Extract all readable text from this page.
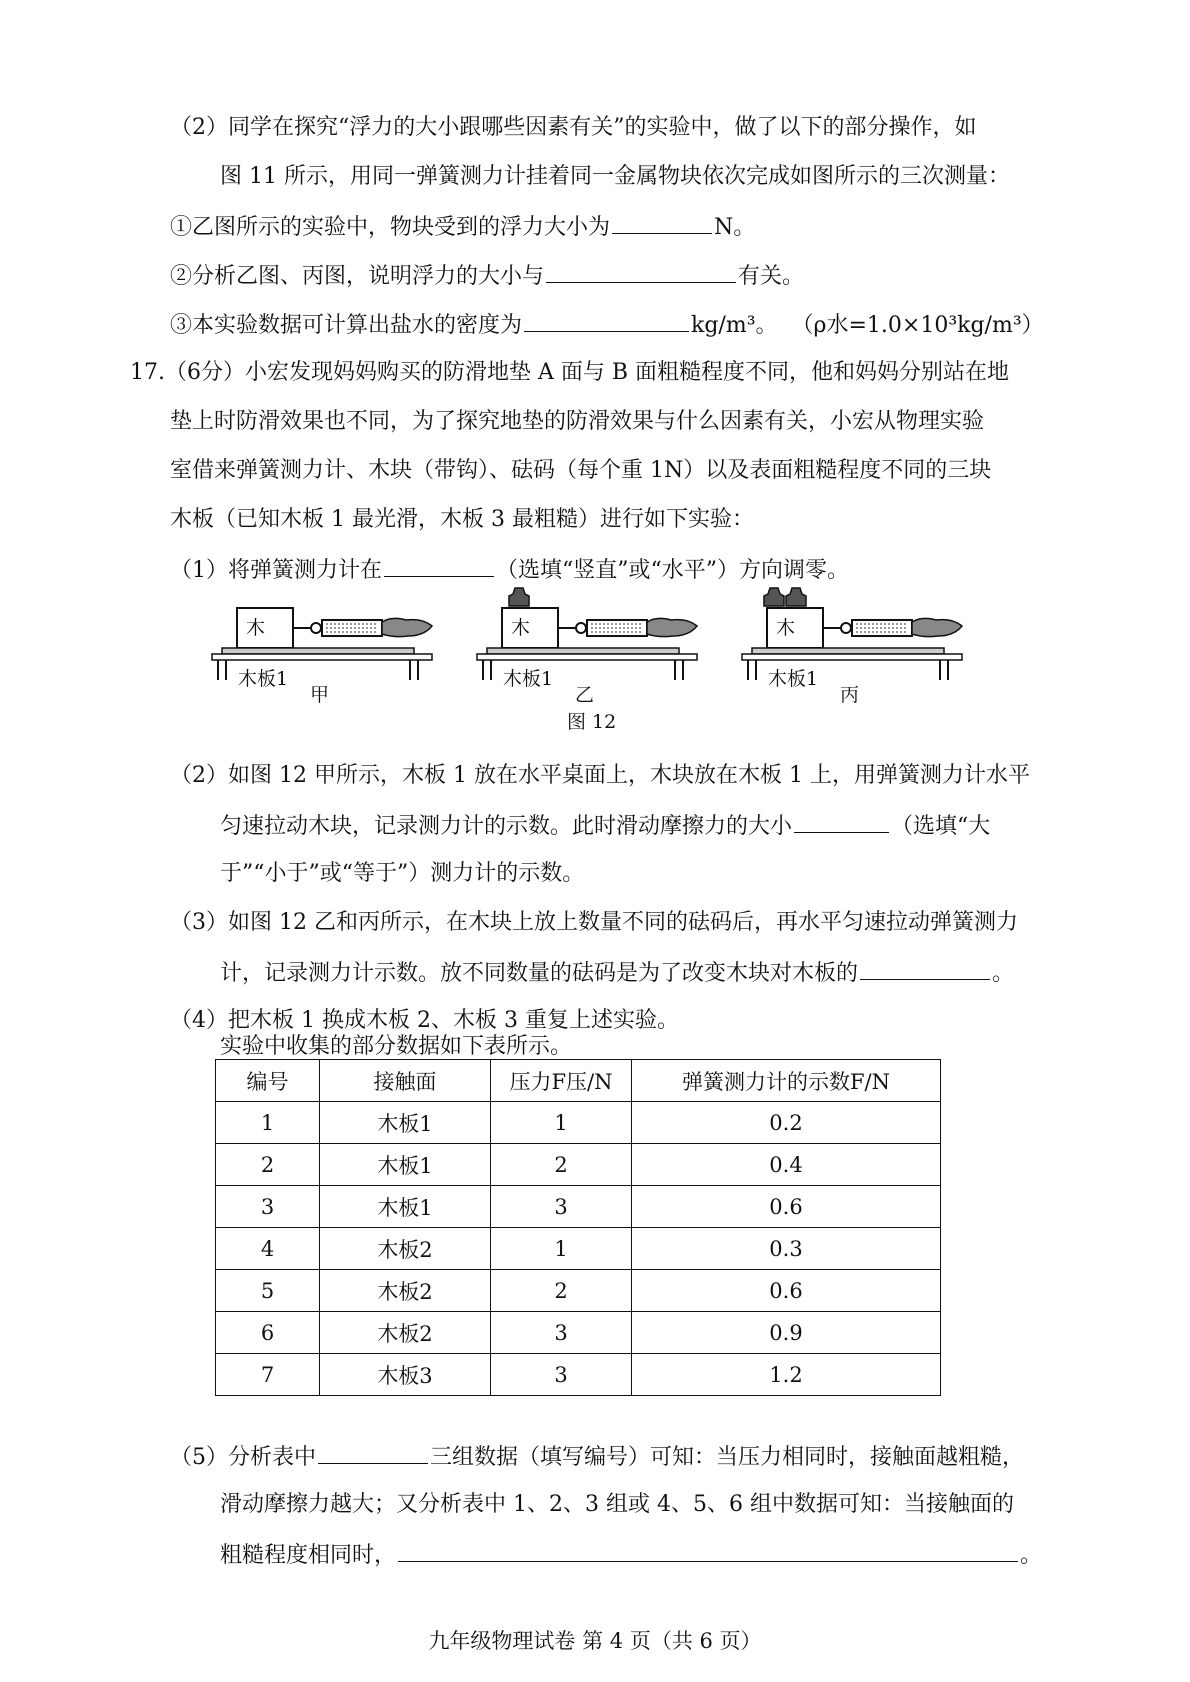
（2）同学在探究“浮力的大小跟哪些因素有关”的实验中，做了以下的部分操作，如
图 11 所示，用同一弹簧测力计挂着同一金属物块依次完成如图所示的三次测量：
①乙图所示的实验中，物块受到的浮力大小为	N。
②分析乙图、丙图，说明浮力的大小与	有关。
③本实验数据可计算出盐水的密度为	kg/m³。 （ρ水=1.0×10³kg/m³）
17.（6分）小宏发现妈妈购买的防滑地垫 A 面与 B 面粗糙程度不同，他和妈妈分别站在地
垫上时防滑效果也不同，为了探究地垫的防滑效果与什么因素有关，小宏从物理实验
室借来弹簧测力计、木块（带钩）、砝码（每个重 1N）以及表面粗糙程度不同的三块
木板（已知木板 1 最光滑，木板 3 最粗糙）进行如下实验：
（1）将弹簧测力计在	（选填“竖直”或“水平”）方向调零。
木
木板1
甲
木
木板1
乙
木
木板1
丙
图 12
（2）如图 12 甲所示，木板 1 放在水平桌面上，木块放在木板 1 上，用弹簧测力计水平
匀速拉动木块，记录测力计的示数。此时滑动摩擦力的大小	（选填“大
于”“小于”或“等于”）测力计的示数。
（3）如图 12 乙和丙所示，在木块上放上数量不同的砝码后，再水平匀速拉动弹簧测力
计，记录测力计示数。放不同数量的砝码是为了改变木块对木板的	。
（4）把木板 1 换成木板 2、木板 3 重复上述实验。
实验中收集的部分数据如下表所示。
编号	接触面	压力F压/N	弹簧测力计的示数F/N
1	木板1	1	0.2
2	木板1	2	0.4
3	木板1	3	0.6
4	木板2	1	0.3
5	木板2	2	0.6
6	木板2	3	0.9
7	木板3	3	1.2
（5）分析表中	三组数据（填写编号）可知：当压力相同时，接触面越粗糙，
滑动摩擦力越大；又分析表中 1、2、3 组或 4、5、6 组中数据可知：当接触面的
粗糙程度相同时，	。
九年级物理试卷 第 4 页（共 6 页）
